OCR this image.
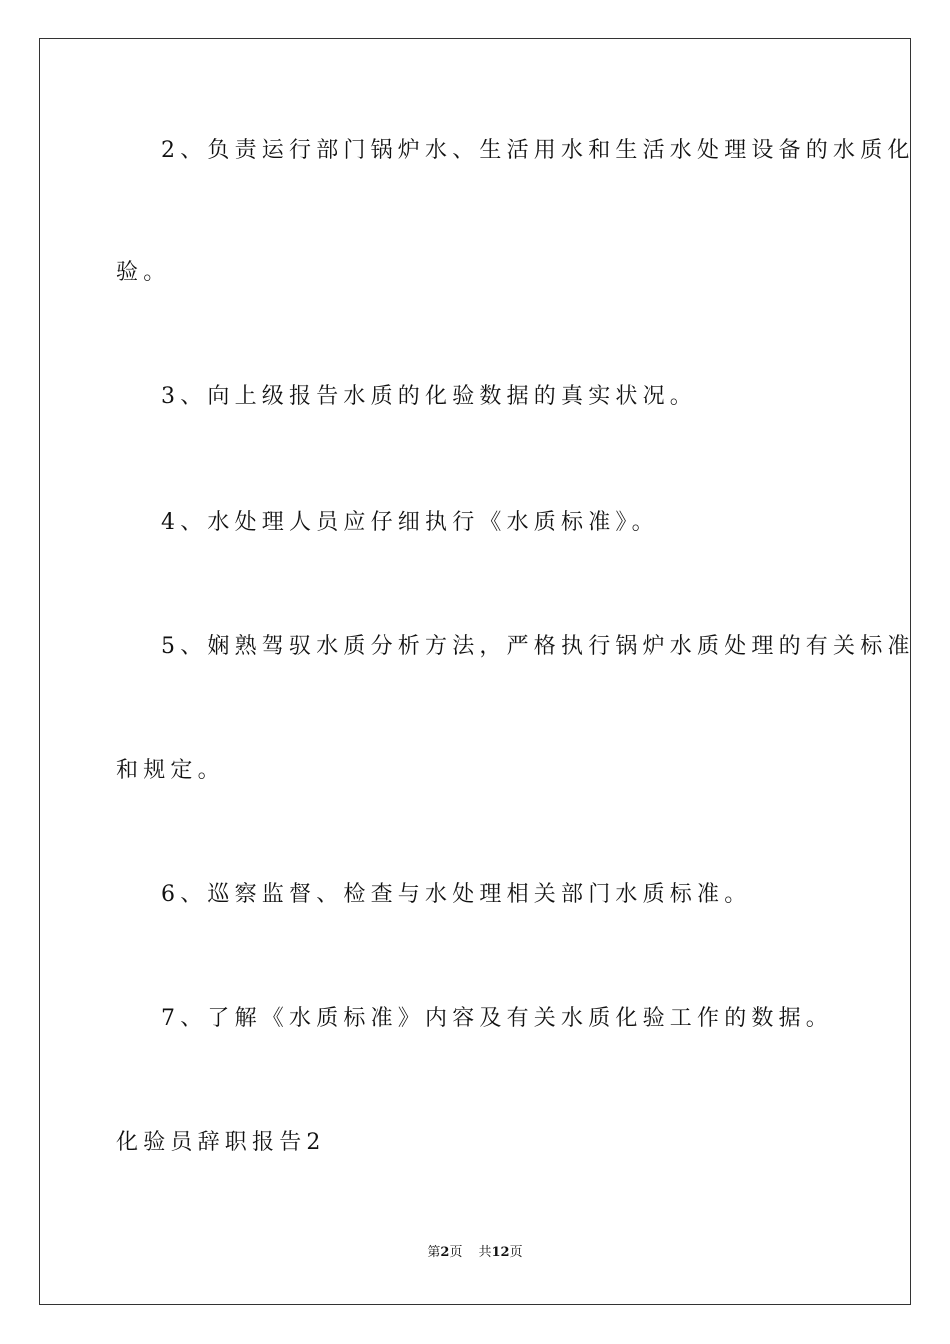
2、负责运行部门锅炉水、生活用水和生活水处理设备的水质化
验。
3、向上级报告水质的化验数据的真实状况。
4、水处理人员应仔细执行《水质标准》。
5、娴熟驾驭水质分析方法，严格执行锅炉水质处理的有关标准
和规定。
6、巡察监督、检查与水处理相关部门水质标准。
7、了解《水质标准》内容及有关水质化验工作的数据。
化验员辞职报告2
第2页 共12页
